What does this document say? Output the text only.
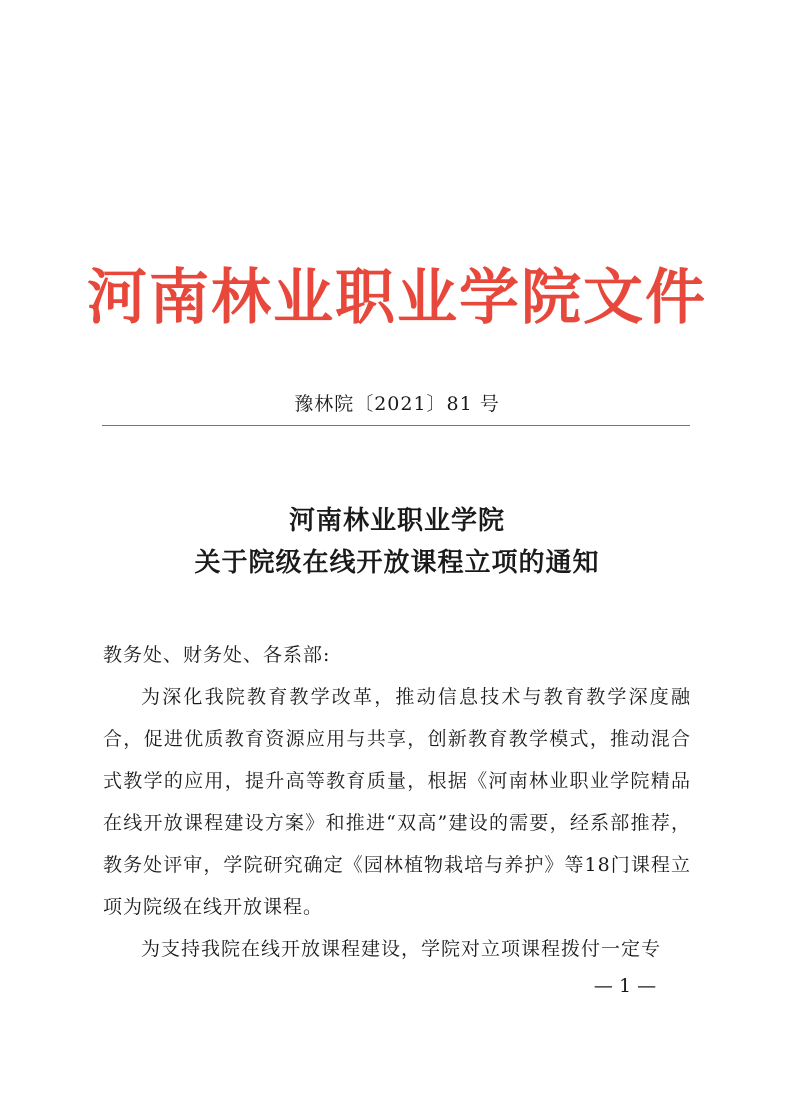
河南林业职业学院文件
豫林院〔2021〕81 号
河南林业职业学院
关于院级在线开放课程立项的通知

教务处、财务处、各系部:

为深化我院教育教学改革，推动信息技术与教育教学深度融合，促进优质教育资源应用与共享，创新教育教学模式，推动混合式教学的应用，提升高等教育质量，根据《河南林业职业学院精品在线开放课程建设方案》和推进“双高”建设的需要，经系部推荐，教务处评审，学院研究确定《园林植物栽培与养护》等18门课程立项为院级在线开放课程。

为支持我院在线开放课程建设，学院对立项课程拨付一定专

— 1 —
